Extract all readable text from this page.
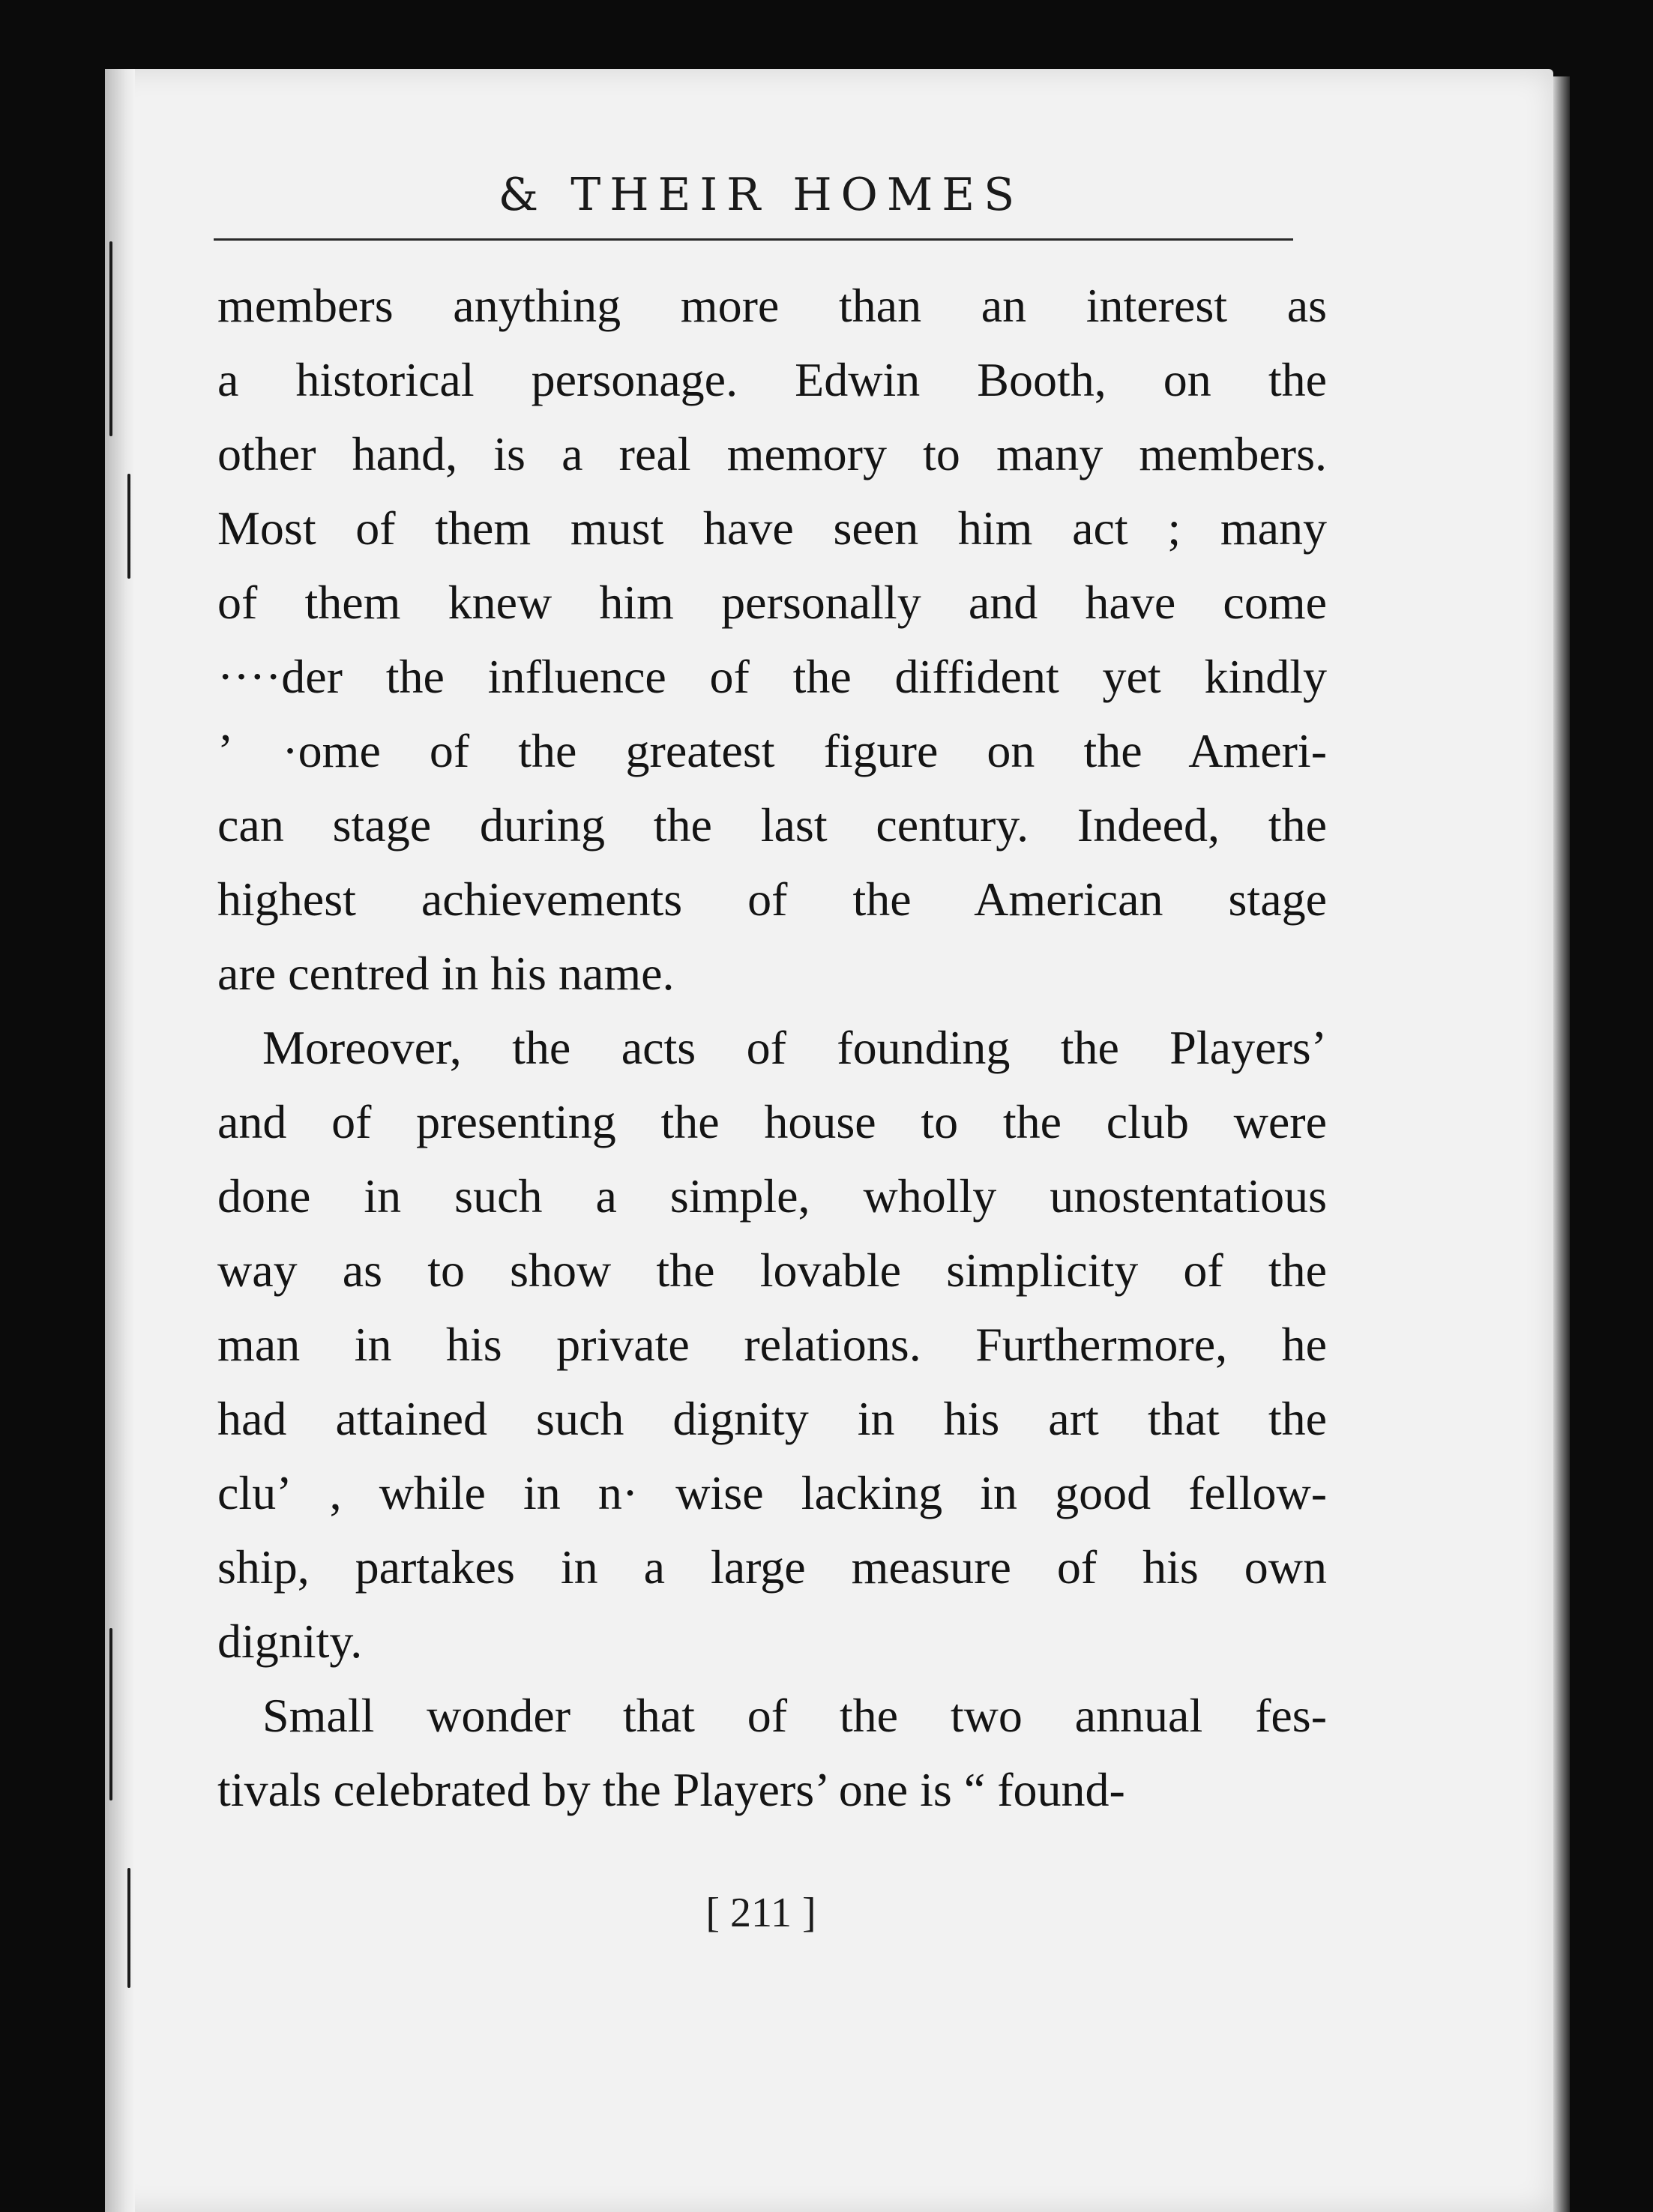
& THEIR HOMES
members anything more than an interest as
a historical personage. Edwin Booth, on the
other hand, is a real memory to many members.
Most of them must have seen him act ; many
of them knew him personally and have come
····der the influence of the diffident yet kindly
ʼ ·ome of the greatest figure on the Ameri-
can stage during the last century. Indeed, the
highest achievements of the American stage
are centred in his name.
Moreover, the acts of founding the Players’
and of presenting the house to the club were
done in such a simple, wholly unostentatious
way as to show the lovable simplicity of the
man in his private relations. Furthermore, he
had attained such dignity in his art that the
cluʼ , while in n· wise lacking in good fellow-
ship, partakes in a large measure of his own
dignity.
Small wonder that of the two annual fes-
tivals celebrated by the Players’ one is “ found-
[ 211 ]
